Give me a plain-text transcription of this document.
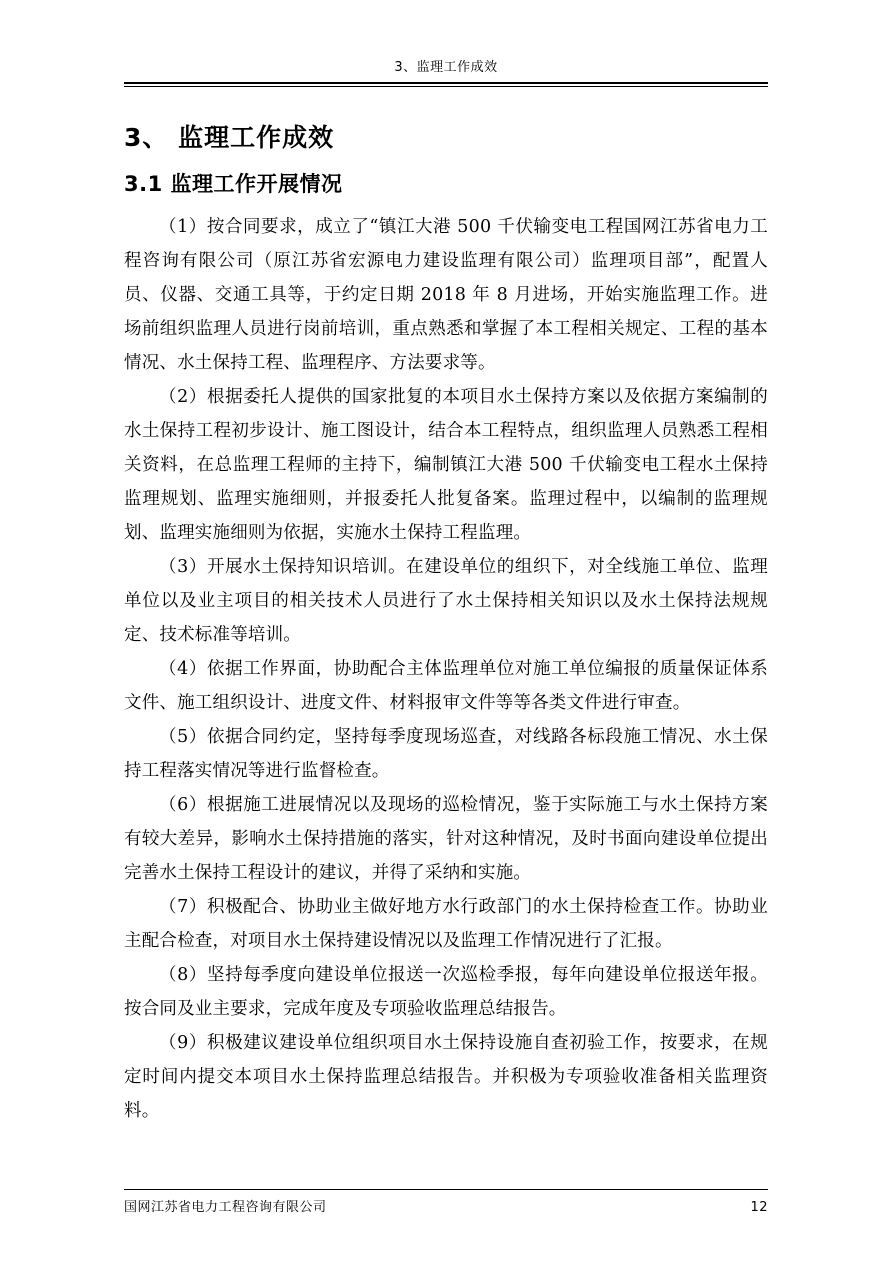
3、监理工作成效
3、 监理工作成效
3.1 监理工作开展情况

（1）按合同要求，成立了“镇江大港 500 千伏输变电工程国网江苏省电力工程咨询有限公司（原江苏省宏源电力建设监理有限公司）监理项目部”，配置人员、仪器、交通工具等，于约定日期 2018 年 8 月进场，开始实施监理工作。进场前组织监理人员进行岗前培训，重点熟悉和掌握了本工程相关规定、工程的基本情况、水土保持工程、监理程序、方法要求等。

（2）根据委托人提供的国家批复的本项目水土保持方案以及依据方案编制的水土保持工程初步设计、施工图设计，结合本工程特点，组织监理人员熟悉工程相关资料，在总监理工程师的主持下，编制镇江大港 500 千伏输变电工程水土保持监理规划、监理实施细则，并报委托人批复备案。监理过程中，以编制的监理规划、监理实施细则为依据，实施水土保持工程监理。

（3）开展水土保持知识培训。在建设单位的组织下，对全线施工单位、监理单位以及业主项目的相关技术人员进行了水土保持相关知识以及水土保持法规规定、技术标准等培训。

（4）依据工作界面，协助配合主体监理单位对施工单位编报的质量保证体系文件、施工组织设计、进度文件、材料报审文件等等各类文件进行审查。

（5）依据合同约定，坚持每季度现场巡查，对线路各标段施工情况、水土保持工程落实情况等进行监督检查。

（6）根据施工进展情况以及现场的巡检情况，鉴于实际施工与水土保持方案有较大差异，影响水土保持措施的落实，针对这种情况，及时书面向建设单位提出完善水土保持工程设计的建议，并得了采纳和实施。

（7）积极配合、协助业主做好地方水行政部门的水土保持检查工作。协助业主配合检查，对项目水土保持建设情况以及监理工作情况进行了汇报。

（8）坚持每季度向建设单位报送一次巡检季报，每年向建设单位报送年报。按合同及业主要求，完成年度及专项验收监理总结报告。

（9）积极建议建设单位组织项目水土保持设施自查初验工作，按要求，在规定时间内提交本项目水土保持监理总结报告。并积极为专项验收准备相关监理资料。

国网江苏省电力工程咨询有限公司	12
